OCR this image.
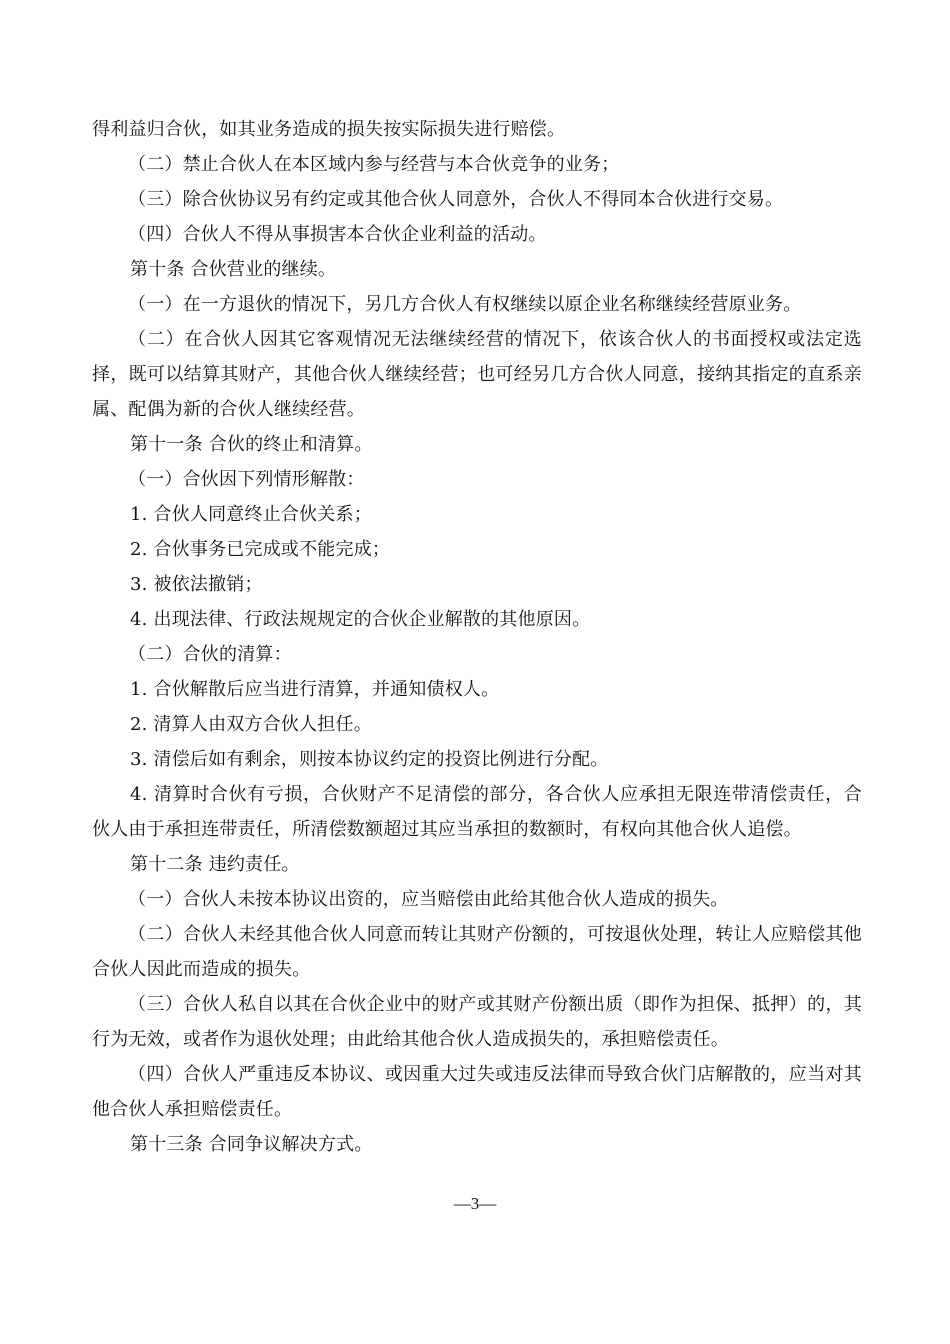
得利益归合伙，如其业务造成的损失按实际损失进行赔偿。

（二）禁止合伙人在本区域内参与经营与本合伙竞争的业务；

（三）除合伙协议另有约定或其他合伙人同意外，合伙人不得同本合伙进行交易。

（四）合伙人不得从事损害本合伙企业利益的活动。

第十条 合伙营业的继续。

（一）在一方退伙的情况下，另几方合伙人有权继续以原企业名称继续经营原业务。

（二）在合伙人因其它客观情况无法继续经营的情况下，依该合伙人的书面授权或法定选择，既可以结算其财产，其他合伙人继续经营；也可经另几方合伙人同意，接纳其指定的直系亲属、配偶为新的合伙人继续经营。

第十一条 合伙的终止和清算。

（一）合伙因下列情形解散：

1. 合伙人同意终止合伙关系；

2. 合伙事务已完成或不能完成；

3. 被依法撤销；

4. 出现法律、行政法规规定的合伙企业解散的其他原因。

（二）合伙的清算：

1. 合伙解散后应当进行清算，并通知债权人。

2. 清算人由双方合伙人担任。

3. 清偿后如有剩余，则按本协议约定的投资比例进行分配。

4. 清算时合伙有亏损，合伙财产不足清偿的部分，各合伙人应承担无限连带清偿责任，合伙人由于承担连带责任，所清偿数额超过其应当承担的数额时，有权向其他合伙人追偿。

第十二条 违约责任。

（一）合伙人未按本协议出资的，应当赔偿由此给其他合伙人造成的损失。

（二）合伙人未经其他合伙人同意而转让其财产份额的，可按退伙处理，转让人应赔偿其他合伙人因此而造成的损失。

（三）合伙人私自以其在合伙企业中的财产或其财产份额出质（即作为担保、抵押）的，其行为无效，或者作为退伙处理；由此给其他合伙人造成损失的，承担赔偿责任。

（四）合伙人严重违反本协议、或因重大过失或违反法律而导致合伙门店解散的，应当对其他合伙人承担赔偿责任。

第十三条 合同争议解决方式。

—3—
